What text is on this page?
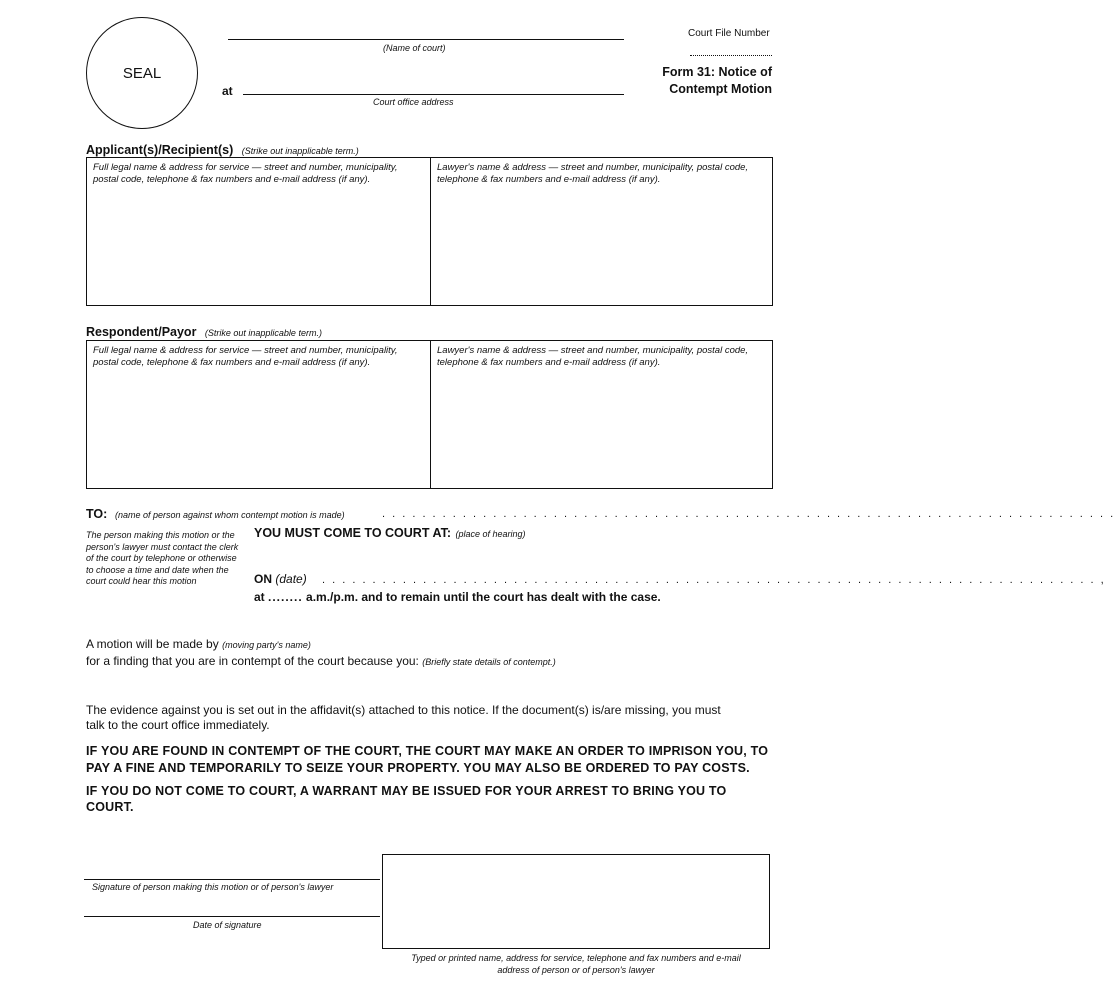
SEAL
(Name of court)
at
Court office address
Court File Number
Form 31: Notice of
Contempt Motion
Applicant(s)/Recipient(s) (Strike out inapplicable term.)
Full legal name & address for service — street and number, municipality, postal code, telephone & fax numbers and e-mail address (if any).
Lawyer's name & address — street and number, municipality, postal code, telephone & fax numbers and e-mail address (if any).
Respondent/Payor (Strike out inapplicable term.)
Full legal name & address for service — street and number, municipality, postal code, telephone & fax numbers and e-mail address (if any).
Lawyer's name & address — street and number, municipality, postal code, telephone & fax numbers and e-mail address (if any).
TO: (name of person against whom contempt motion is made)	. . . . . . . . . . . . . . . . . . . . . . . . . . . . . . . . . . . . . . . . . . . . . . . . . . . . . . . . . . . . . . . . . . . . . . . . .
The person making this motion or the person's lawyer must contact the clerk of the court by telephone or otherwise to choose a time and date when the court could hear this motion
YOU MUST COME TO COURT AT: (place of hearing)
ON (date) . . . . . . . . . . . . . . . . . . . . . . . . . . . . . . . . . . . . . . . . . . . . . . . . . . . . . . . . . . . . . . . . . . . . . . . . . . . . . ,
at ........ a.m./p.m. and to remain until the court has dealt with the case.
A motion will be made by (moving party's name)
for a finding that you are in contempt of the court because you: (Briefly state details of contempt.)
The evidence against you is set out in the affidavit(s) attached to this notice. If the document(s) is/are missing, you must
talk to the court office immediately.
IF YOU ARE FOUND IN CONTEMPT OF THE COURT, THE COURT MAY MAKE AN ORDER TO IMPRISON YOU, TO
PAY A FINE AND TEMPORARILY TO SEIZE YOUR PROPERTY. YOU MAY ALSO BE ORDERED TO PAY COSTS.
IF YOU DO NOT COME TO COURT, A WARRANT MAY BE ISSUED FOR YOUR ARREST TO BRING YOU TO
COURT.
Signature of person making this motion or of person's lawyer
Date of signature
Typed or printed name, address for service, telephone and fax numbers and e-mail
address of person or of person's lawyer
